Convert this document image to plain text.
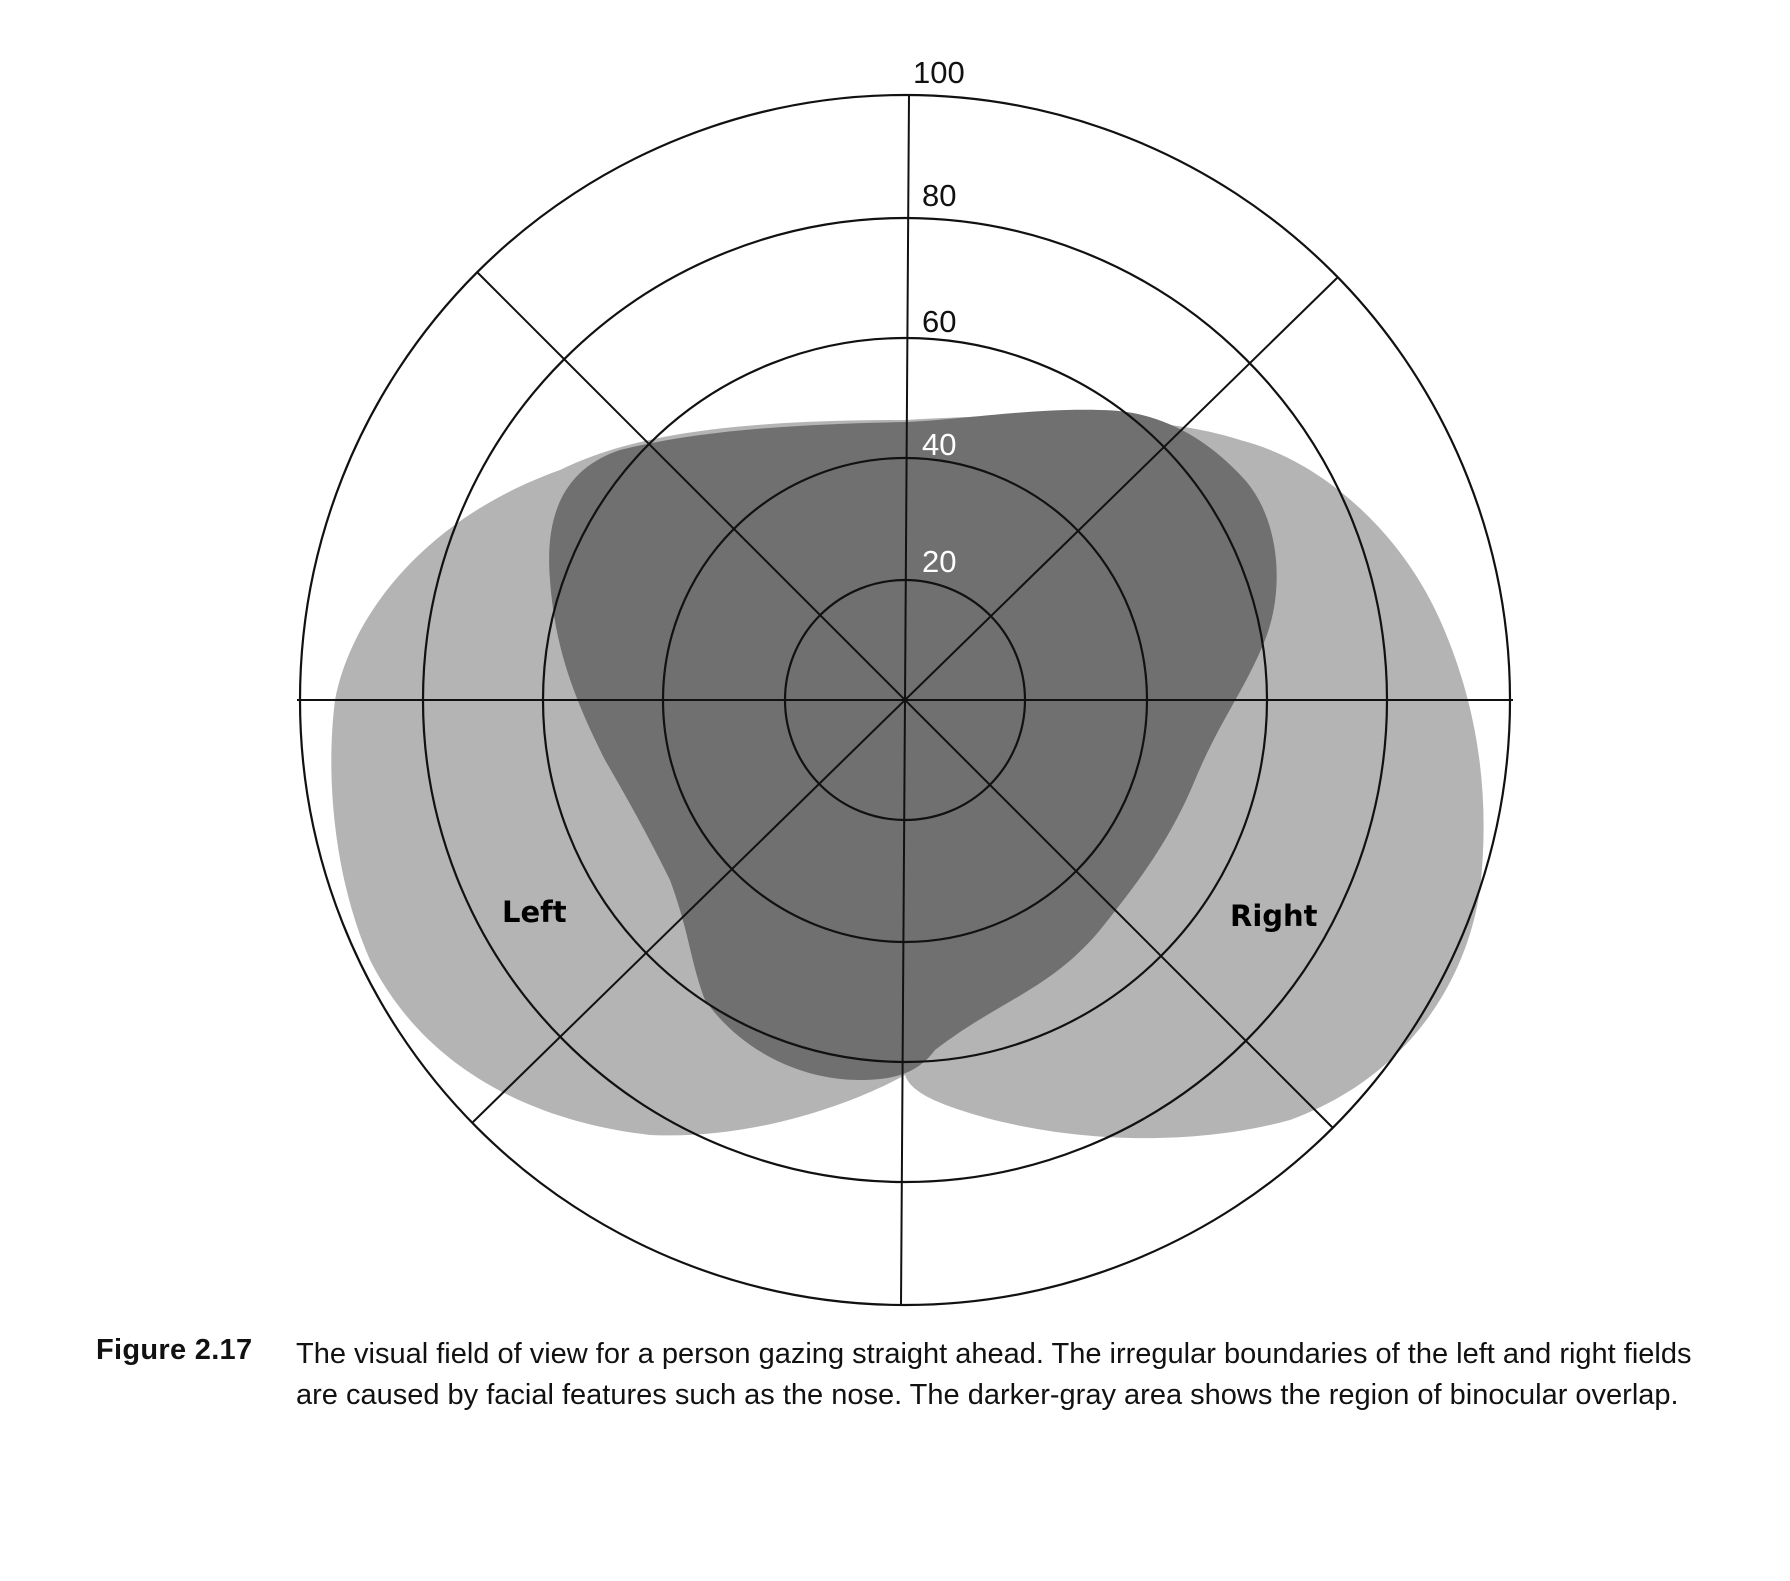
20
40
60
80
100
Left	Right
Figure 2.17	The visual field of view for a person gazing straight ahead. The irregular boundaries of the left and right fields are caused by facial features such as the nose. The darker-gray area shows the region of binocular overlap.
